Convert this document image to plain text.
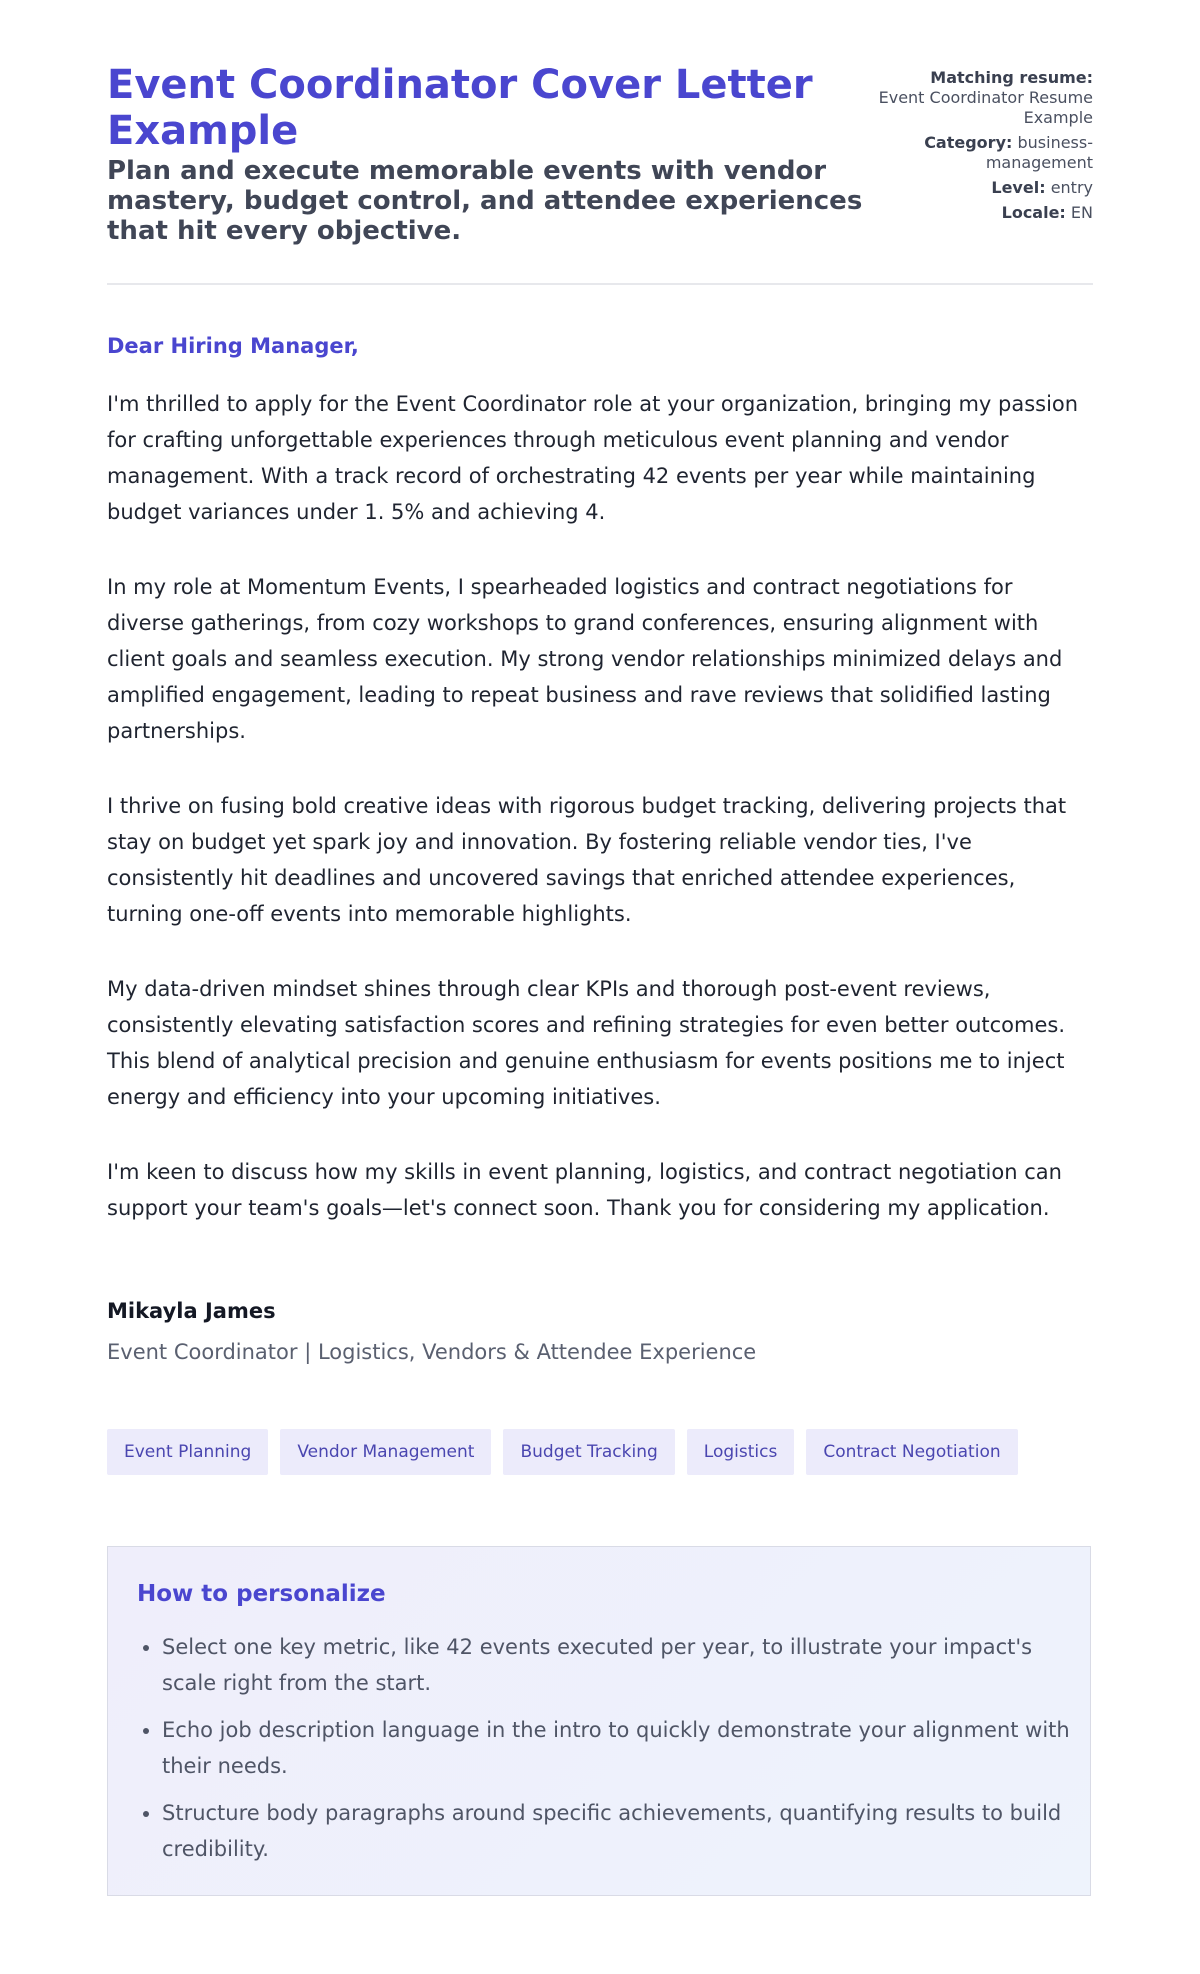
Event Coordinator Cover Letter Example
Plan and execute memorable events with vendor mastery, budget control, and attendee experiences that hit every objective.
Matching resume:
Event Coordinator Resume Example
Category: business-management
Level: entry
Locale: EN

Dear Hiring Manager,

I'm thrilled to apply for the Event Coordinator role at your organization, bringing my passion for crafting unforgettable experiences through meticulous event planning and vendor management. With a track record of orchestrating 42 events per year while maintaining budget variances under 1. 5% and achieving 4.

In my role at Momentum Events, I spearheaded logistics and contract negotiations for diverse gatherings, from cozy workshops to grand conferences, ensuring alignment with client goals and seamless execution. My strong vendor relationships minimized delays and amplified engagement, leading to repeat business and rave reviews that solidified lasting partnerships.

I thrive on fusing bold creative ideas with rigorous budget tracking, delivering projects that stay on budget yet spark joy and innovation. By fostering reliable vendor ties, I've consistently hit deadlines and uncovered savings that enriched attendee experiences, turning one-off events into memorable highlights.

My data-driven mindset shines through clear KPIs and thorough post-event reviews, consistently elevating satisfaction scores and refining strategies for even better outcomes. This blend of analytical precision and genuine enthusiasm for events positions me to inject energy and efficiency into your upcoming initiatives.

I'm keen to discuss how my skills in event planning, logistics, and contract negotiation can support your team's goals—let's connect soon. Thank you for considering my application.

Mikayla James

Event Coordinator | Logistics, Vendors & Attendee Experience

Event Planning	Vendor Management	Budget Tracking	Logistics	Contract Negotiation
How to personalize
• Select one key metric, like 42 events executed per year, to illustrate your impact's scale right from the start.
• Echo job description language in the intro to quickly demonstrate your alignment with their needs.
• Structure body paragraphs around specific achievements, quantifying results to build credibility.
